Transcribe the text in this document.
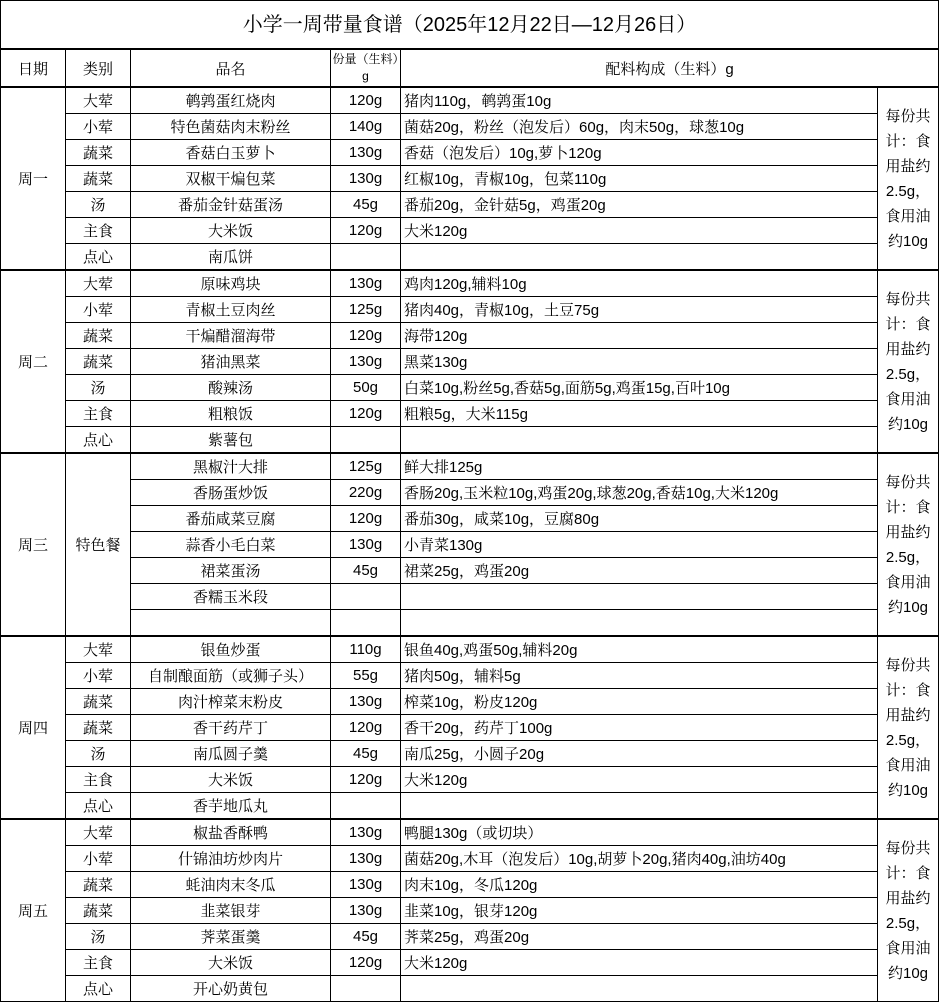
小学一周带量食谱（2025年12月22日—12月26日）
日期	类别	品名	份量（生料）g	配料构成（生料）g	
周一	大荤	鹌鹑蛋红烧肉	120g	猪肉110g，鹌鹑蛋10g	每份共计：食用盐约2.5g，食用油约10g
	小荤	特色菌菇肉末粉丝	140g	菌菇20g，粉丝（泡发后）60g，肉末50g，球葱10g	
	蔬菜	香菇白玉萝卜	130g	香菇（泡发后）10g,萝卜120g	
	蔬菜	双椒干煸包菜	130g	红椒10g，青椒10g，包菜110g	
	汤	番茄金针菇蛋汤	45g	番茄20g，金针菇5g，鸡蛋20g	
	主食	大米饭	120g	大米120g	
	点心	南瓜饼			
周二	大荤	原味鸡块	130g	鸡肉120g,辅料10g	每份共计：食用盐约2.5g，食用油约10g
	小荤	青椒土豆肉丝	125g	猪肉40g，青椒10g，土豆75g	
	蔬菜	干煸醋溜海带	120g	海带120g	
	蔬菜	猪油黑菜	130g	黑菜130g	
	汤	酸辣汤	50g	白菜10g,粉丝5g,香菇5g,面筋5g,鸡蛋15g,百叶10g	
	主食	粗粮饭	120g	粗粮5g，大米115g	
	点心	紫薯包			
周三	特色餐	黑椒汁大排	125g	鲜大排125g	每份共计：食用盐约2.5g，食用油约10g
		香肠蛋炒饭	220g	香肠20g,玉米粒10g,鸡蛋20g,球葱20g,香菇10g,大米120g	
		番茄咸菜豆腐	120g	番茄30g，咸菜10g，豆腐80g	
		蒜香小毛白菜	130g	小青菜130g	
		裙菜蛋汤	45g	裙菜25g，鸡蛋20g	
		香糯玉米段			

周四	大荤	银鱼炒蛋	110g	银鱼40g,鸡蛋50g,辅料20g	每份共计：食用盐约2.5g，食用油约10g
	小荤	自制酿面筋（或狮子头）	55g	猪肉50g，辅料5g	
	蔬菜	肉汁榨菜末粉皮	130g	榨菜10g，粉皮120g	
	蔬菜	香干药芹丁	120g	香干20g，药芹丁100g	
	汤	南瓜圆子羹	45g	南瓜25g，小圆子20g	
	主食	大米饭	120g	大米120g	
	点心	香芋地瓜丸			
周五	大荤	椒盐香酥鸭	130g	鸭腿130g（或切块）	每份共计：食用盐约2.5g，食用油约10g
	小荤	什锦油坊炒肉片	130g	菌菇20g,木耳（泡发后）10g,胡萝卜20g,猪肉40g,油坊40g	
	蔬菜	蚝油肉末冬瓜	130g	肉末10g，冬瓜120g	
	蔬菜	韭菜银芽	130g	韭菜10g，银芽120g	
	汤	荠菜蛋羹	45g	荠菜25g，鸡蛋20g	
	主食	大米饭	120g	大米120g	
	点心	开心奶黄包			
